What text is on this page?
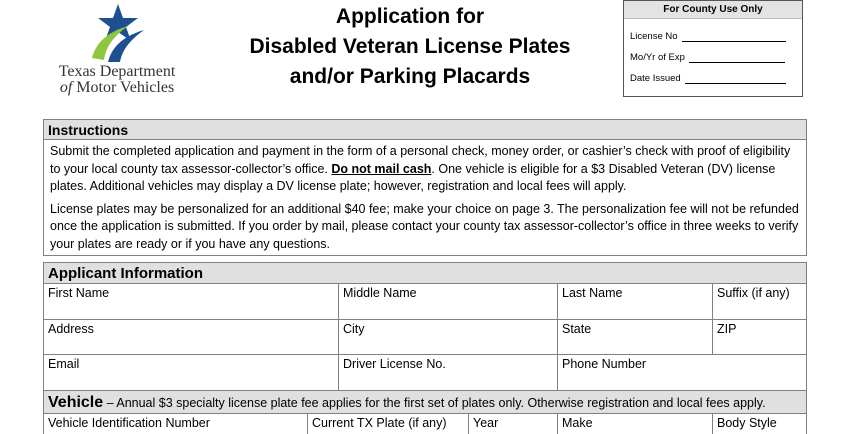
Texas Department
of Motor Vehicles
Application for
Disabled Veteran License Plates
and/or Parking Placards
For County Use Only
License No
Mo/Yr of Exp
Date Issued
Instructions

Submit the completed application and payment in the form of a personal check, money order, or cashier’s check with proof of eligibility to your local county tax assessor-collector’s office. Do not mail cash. One vehicle is eligible for a $3 Disabled Veteran (DV) license plates. Additional vehicles may display a DV license plate; however, registration and local fees will apply.

License plates may be personalized for an additional $40 fee; make your choice on page 3. The personalization fee will not be refunded once the application is submitted. If you order by mail, please contact your county tax assessor-collector’s office in three weeks to verify your plates are ready or if you have any questions.

Applicant Information
First Name	Middle Name	Last Name	Suffix (if any)
Address	City	State	ZIP
Email	Driver License No.	Phone Number
Vehicle – Annual $3 specialty license plate fee applies for the first set of plates only. Otherwise registration and local fees apply.
Vehicle Identification Number	Current TX Plate (if any)	Year	Make	Body Style
